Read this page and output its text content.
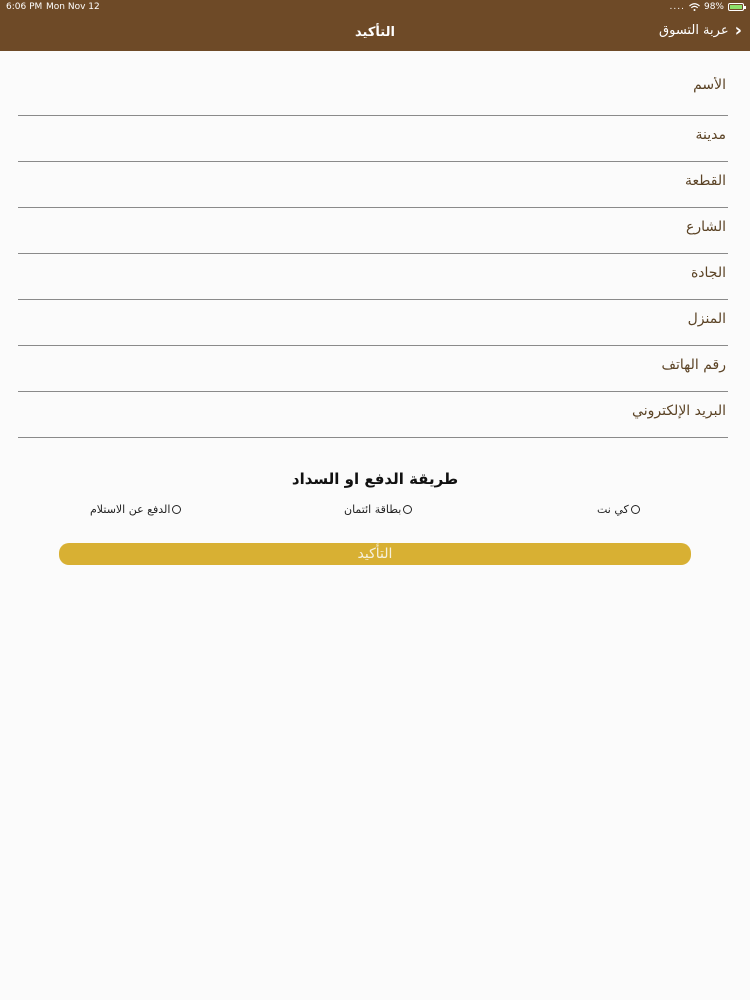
6:06 PM Mon Nov 12	.... 98%
التأكيد	‹
عربة التسوق
الأسم
مدينة
القطعة
الشارع
الجادة
المنزل
رقم الهاتف
البريد الإلكتروني
طريقة الدفع او السداد
كي نت
بطاقة ائتمان
الدفع عن الاستلام
التأكيد
